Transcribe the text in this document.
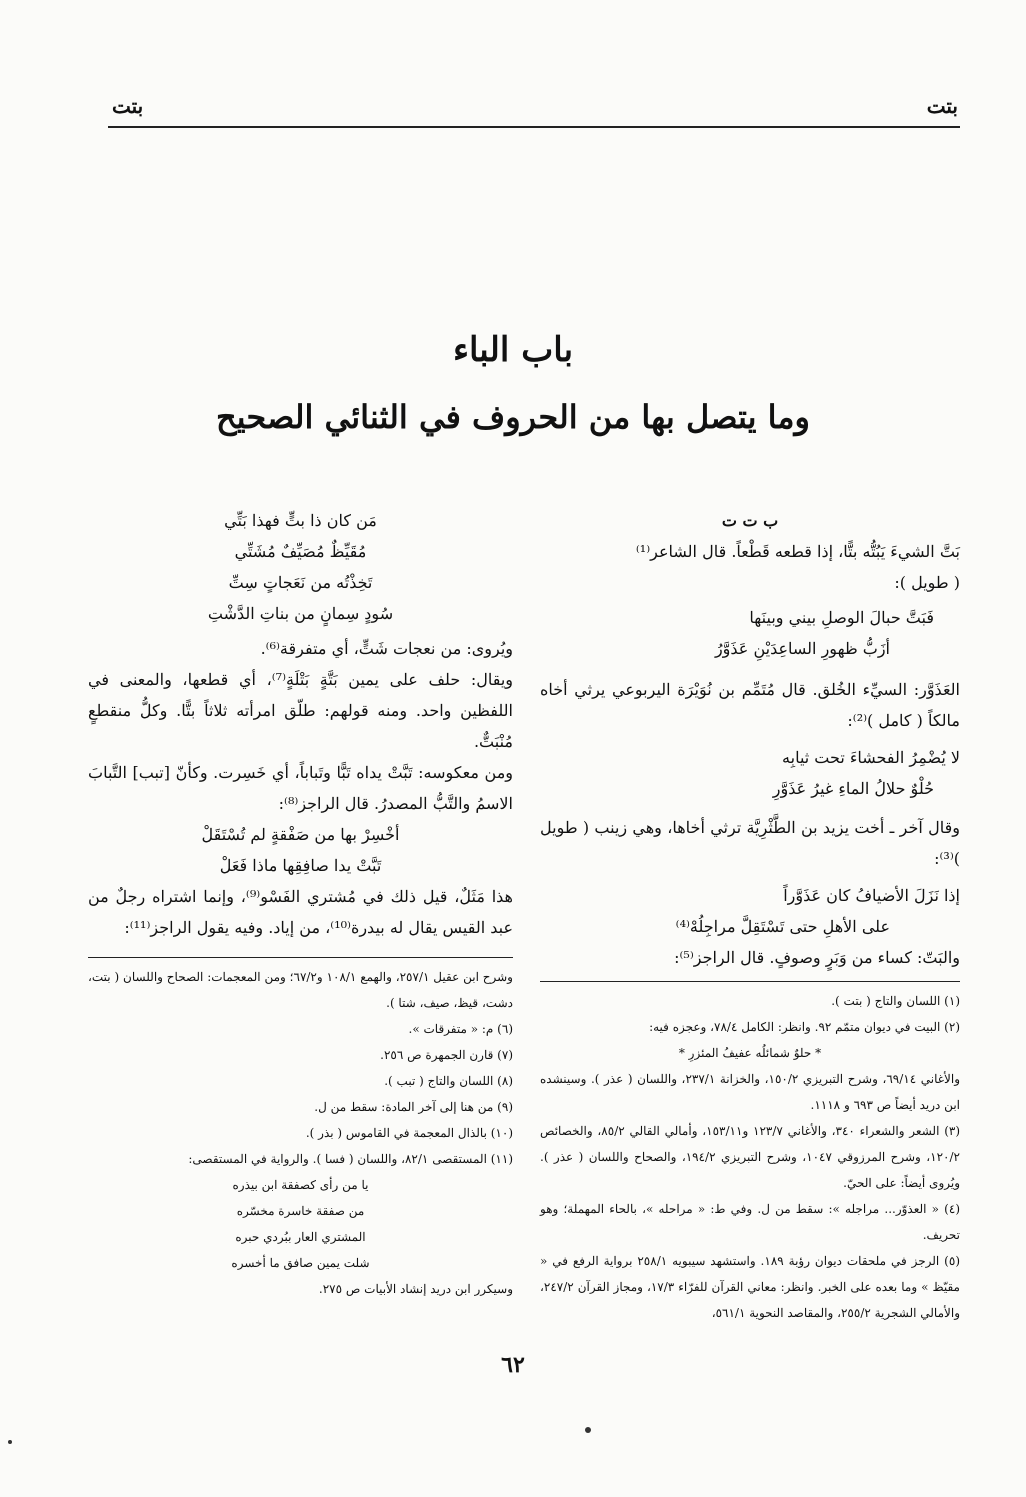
بتت
بتت
باب الباء
وما يتصل بها من الحروف في الثنائي الصحيح

ب ت ت

بَتَّ الشيءَ يَبُتُّه بتًّا، إذا قطعه قَطْعاً. قال الشاعر⁽¹⁾

( طويل ):

فَبَتَّ حبالَ الوصلِ بيني وبينَها

أزَبُّ ظهورِ الساعِدَيْنِ عَذَوَّرُ

العَذَوَّر: السيِّء الخُلق. قال مُتَمِّم بن نُوَيْرَة اليربوعي يرثي أخاه مالكاً ( كامل )⁽²⁾:

لا يُضْمِرُ الفحشاءَ تحت ثيابِه

حُلْوٌ حلالُ الماءِ غيرُ عَذَوَّرِ

وقال آخر ـ أخت يزيد بن الطَّثْرِيَّة ترثي أخاها، وهي زينب ( طويل )⁽³⁾:

إذا نَزَلَ الأضيافُ كان عَذَوَّراً

على الأهلِ حتى تَسْتَقِلَّ مراجِلُهْ⁽⁴⁾

والبَتّ: كساء من وَبَرٍ وصوفٍ. قال الراجز⁽⁵⁾:

(١) اللسان والتاج ( بتت ).

(٢) البيت في ديوان متمّم ٩٢. وانظر: الكامل ٧٨/٤، وعجزه فيه:

* حلوٌ شمائلُه عفيفُ المئزرِ *

والأغاني ٦٩/١٤، وشرح التبريزي ١٥٠/٢، والخزانة ٢٣٧/١، واللسان ( عذر ). وسينشده ابن دريد أيضاً ص ٦٩٣ و ١١١٨.

(٣) الشعر والشعراء ٣٤٠، والأغاني ١٢٣/٧ و١٥٣/١١، وأمالي القالي ٨٥/٢، والخصائص ١٢٠/٢، وشرح المرزوقي ١٠٤٧، وشرح التبريزي ١٩٤/٢، والصحاح واللسان ( عذر ). ويُروى أيضاً: على الحيّ.

(٤) « العذوّر... مراجله »: سقط من ل. وفي ط: « مراحله »، بالحاء المهملة؛ وهو تحريف.

(٥) الرجز في ملحقات ديوان رؤبة ١٨٩. واستشهد سيبويه ٢٥٨/١ برواية الرفع في « مقيّظ » وما بعده على الخبر. وانظر: معاني القرآن للفرّاء ١٧/٣، ومجاز القرآن ٢٤٧/٢، والأمالي الشجرية ٢٥٥/٢، والمقاصد النحوية ٥٦١/١،

مَن كان ذا بتٍّ فهذا بَتِّي

مُقَيِّظٌ مُصَيِّفٌ مُشَتِّي

تَخِذْتُه من نَعَجاتٍ سِتِّ

سُودٍ سِمانٍ من بناتِ الدَّشْتِ

ويُروى: من نعجات شَتٍّ، أي متفرقة⁽⁶⁾.

ويقال: حلف على يمين بَتَّةٍ بَتْلَةٍ⁽⁷⁾، أي قطعها، والمعنى في اللفظين واحد. ومنه قولهم: طلّق امرأته ثلاثاً بتًّا. وكلُّ منقطعٍ مُنْبَتٌّ.

ومن معكوسه: تَبَّتْ يداه تَبًّا وتَباباً، أي خَسِرت. وكأنّ [تبب] التَّبابَ الاسمُ والتَّبُّ المصدرُ. قال الراجز⁽⁸⁾:

أخْسِرْ بها من صَفْقةٍ لم تُسْتَقَلْ

تَبَّتْ يدا صافِقِها ماذا فَعَلْ

هذا مَثَلٌ، قيل ذلك في مُشتري الفَسْو⁽⁹⁾، وإنما اشتراه رجلٌ من عبد القيس يقال له بيدرة⁽¹⁰⁾، من إياد. وفيه يقول الراجز⁽¹¹⁾:

وشرح ابن عقيل ٢٥٧/١، والهمع ١٠٨/١ و٦٧/٢؛ ومن المعجمات: الصحاح واللسان ( بتت، دشت، قيظ، صيف، شتا ).

(٦) م: « متفرقات ».

(٧) قارن الجمهرة ص ٢٥٦.

(٨) اللسان والتاج ( تبب ).

(٩) من هنا إلى آخر المادة: سقط من ل.

(١٠) بالذال المعجمة في القاموس ( بذر ).

(١١) المستقصى ٨٢/١، واللسان ( فسا ). والرواية في المستقصى:

يا من رأى كصفقة ابن بيذره

من صفقة خاسرة مخسّره

المشتري العار ببُردي حبره

شلت يمين صافق ما أخسره

وسيكرر ابن دريد إنشاد الأبيات ص ٢٧٥.

٦٢
